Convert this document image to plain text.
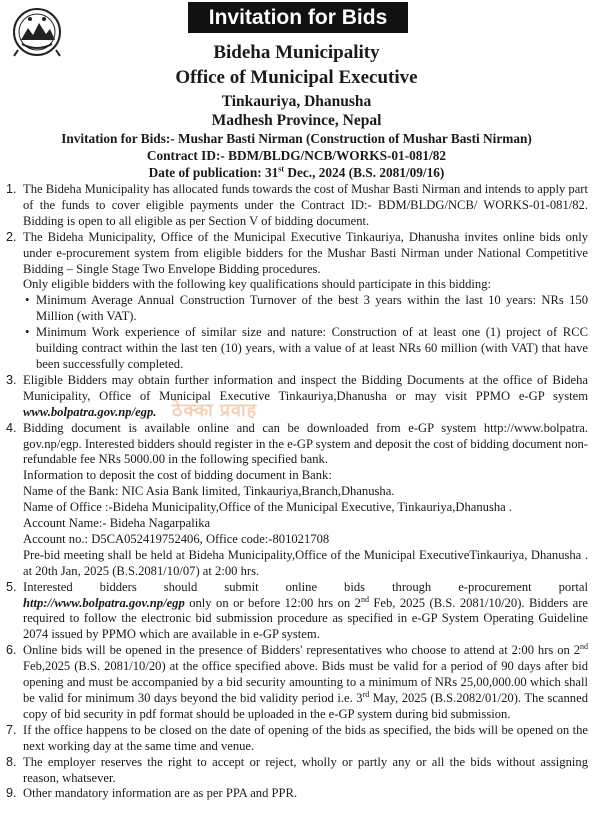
Invitation for Bids
Bideha Municipality
Office of Municipal Executive
Tinkauriya, Dhanusha
Madhesh Province, Nepal
Invitation for Bids:- Mushar Basti Nirman (Construction of Mushar Basti Nirman)
Contract ID:- BDM/BLDG/NCB/WORKS-01-081/82
Date of publication: 31st Dec., 2024 (B.S. 2081/09/16)
ठेक्का प्रवाह
1. The Bideha Municipality has allocated funds towards the cost of Mushar Basti Nirman and intends to apply part of the funds to cover eligible payments under the Contract ID:- BDM/BLDG/NCB/ WORKS-01-081/82. Bidding is open to all eligible as per Section V of bidding document.
2. The Bideha Municipality, Office of the Municipal Executive Tinkauriya, Dhanusha invites online bids only under e-procurement system from eligible bidders for the Mushar Basti Nirman under National Competitive Bidding – Single Stage Two Envelope Bidding procedures.
Only eligible bidders with the following key qualifications should participate in this bidding:
• Minimum Average Annual Construction Turnover of the best 3 years within the last 10 years: NRs 150 Million (with VAT).
• Minimum Work experience of similar size and nature: Construction of at least one (1) project of RCC building contract within the last ten (10) years, with a value of at least NRs 60 million (with VAT) that have been successfully completed.
3. Eligible Bidders may obtain further information and inspect the Bidding Documents at the office of Bideha Municipality, Office of Municipal Executive Tinkauriya,Dhanusha or may visit PPMO e-GP system www.bolpatra.gov.np/egp.
4. Bidding document is available online and can be downloaded from e-GP system http://www.bolpatra. gov.np/egp. Interested bidders should register in the e-GP system and deposit the cost of bidding document non-refundable fee NRs 5000.00 in the following specified bank.
Information to deposit the cost of bidding document in Bank:
Name of the Bank: NIC Asia Bank limited, Tinkauriya,Branch,Dhanusha.
Name of Office :-Bideha Municipality,Office of the Municipal Executive, Tinkauriya,Dhanusha .
Account Name:- Bideha Nagarpalika
Account no.: D5CA052419752406, Office code:-801021708
Pre-bid meeting shall be held at Bideha Municipality,Office of the Municipal ExecutiveTinkauriya, Dhanusha . at 20th Jan, 2025 (B.S.2081/10/07) at 2:00 hrs.
5. Interested bidders should submit online bids through e-procurement portal
http://www.bolpatra.gov.np/egp only on or before 12:00 hrs on 2nd Feb, 2025 (B.S. 2081/10/20). Bidders are required to follow the electronic bid submission procedure as specified in e-GP System Operating Guideline 2074 issued by PPMO which are available in e-GP system.
6. Online bids will be opened in the presence of Bidders' representatives who choose to attend at 2:00 hrs on 2nd Feb,2025 (B.S. 2081/10/20) at the office specified above. Bids must be valid for a period of 90 days after bid opening and must be accompanied by a bid security amounting to a minimum of NRs 25,00,000.00 which shall be valid for minimum 30 days beyond the bid validity period i.e. 3rd May, 2025 (B.S.2082/01/20). The scanned copy of bid security in pdf format should be uploaded in the e-GP system during bid submission.
7. If the office happens to be closed on the date of opening of the bids as specified, the bids will be opened on the next working day at the same time and venue.
8. The employer reserves the right to accept or reject, wholly or partly any or all the bids without assigning reason, whatsever.
9. Other mandatory information are as per PPA and PPR.
